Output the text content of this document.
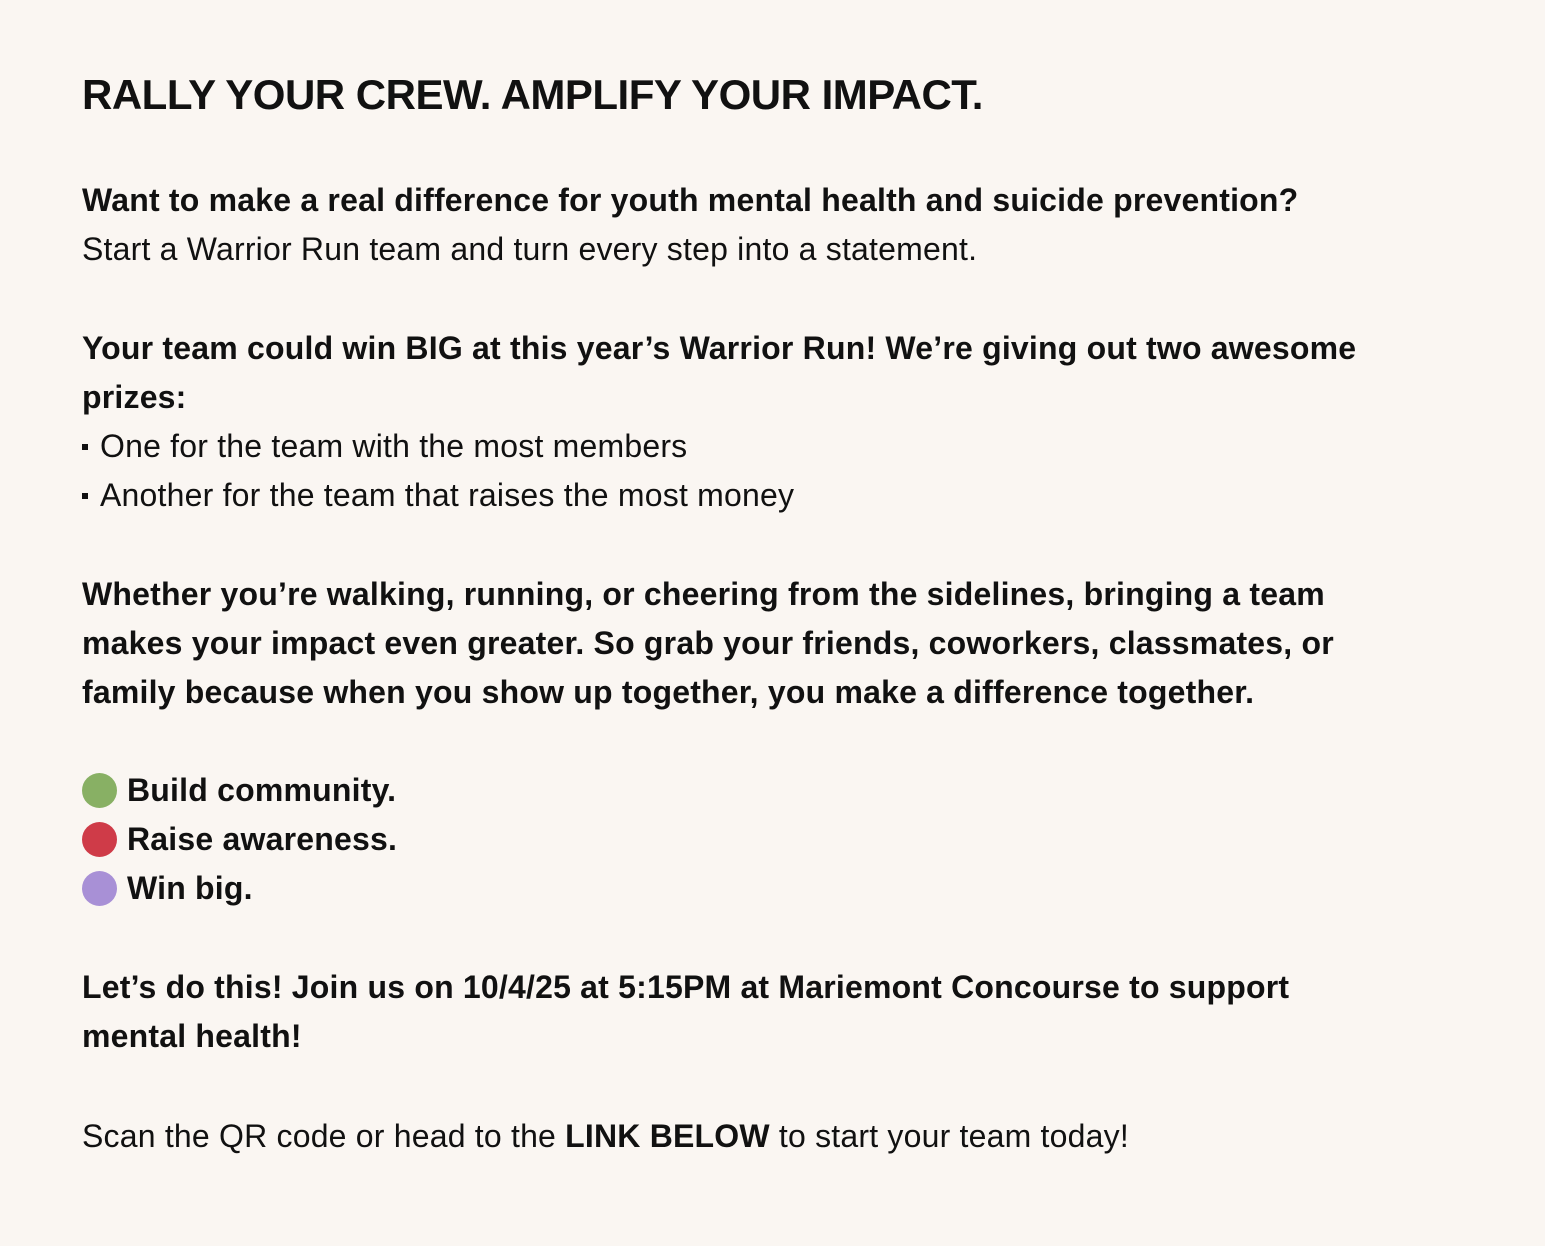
RALLY YOUR CREW. AMPLIFY YOUR IMPACT.
Want to make a real difference for youth mental health and suicide prevention?
Start a Warrior Run team and turn every step into a statement.
Your team could win BIG at this year’s Warrior Run! We’re giving out two awesome
prizes:
One for the team with the most members
Another for the team that raises the most money
Whether you’re walking, running, or cheering from the sidelines, bringing a team
makes your impact even greater. So grab your friends, coworkers, classmates, or
family because when you show up together, you make a difference together.
Build community.
Raise awareness.
Win big.
Let’s do this! Join us on 10/4/25 at 5:15PM at Mariemont Concourse to support
mental health!
Scan the QR code or head to the LINK BELOW to start your team today!
